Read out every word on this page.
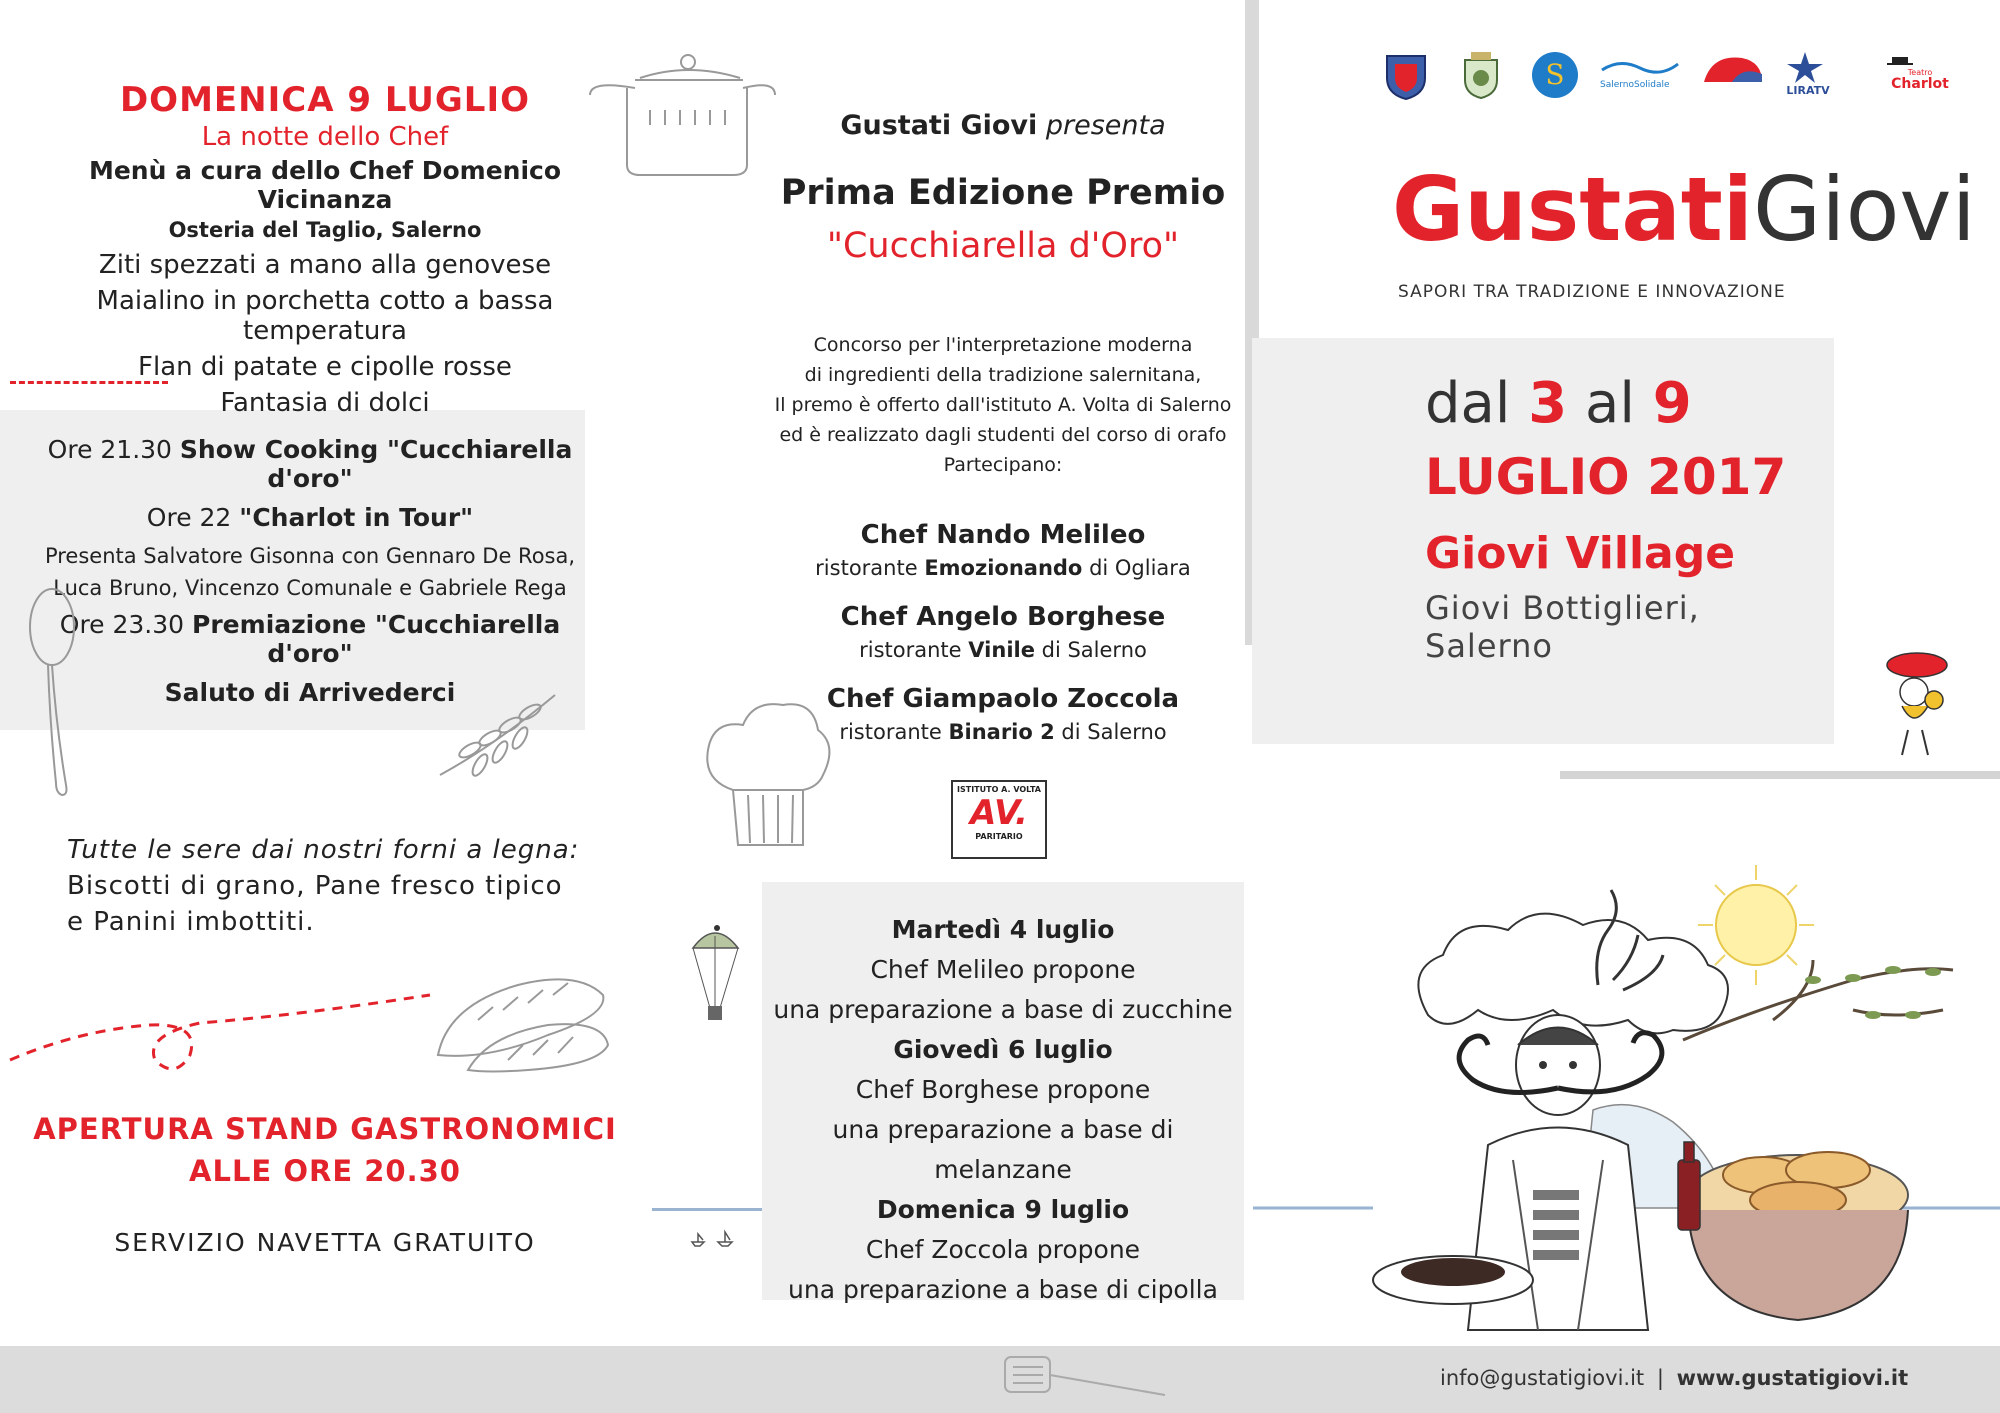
DOMENICA 9 LUGLIO
La notte dello Chef
Menù a cura dello Chef Domenico Vicinanza
Osteria del Taglio, Salerno
Ziti spezzati a mano alla genovese
Maialino in porchetta cotto a bassa temperatura
Flan di patate e cipolle rosse
Fantasia di dolci
Ore 21.30 Show Cooking "Cucchiarella d'oro"
Ore 22 "Charlot in Tour"
Presenta Salvatore Gisonna con Gennaro De Rosa,
Luca Bruno, Vincenzo Comunale e Gabriele Rega
Ore 23.30 Premiazione "Cucchiarella d'oro"
Saluto di Arrivederci
Tutte le sere dai nostri forni a legna:
Biscotti di grano, Pane fresco tipico
e Panini imbottiti.
APERTURA STAND GASTRONOMICI
ALLE ORE 20.30
SERVIZIO NAVETTA GRATUITO
Gustati Giovi presenta
Prima Edizione Premio
"Cucchiarella d'Oro"
Concorso per l'interpretazione moderna
di ingredienti della tradizione salernitana,
Il premo è offerto dall'istituto A. Volta di Salerno
ed è realizzato dagli studenti del corso di orafo
Partecipano:
Chef Nando Melileo
ristorante Emozionando di Ogliara
Chef Angelo Borghese
ristorante Vinile di Salerno
Chef Giampaolo Zoccola
ristorante Binario 2 di Salerno
ISTITUTO A. VOLTA
AV.
PARITARIO
Martedì 4 luglio
Chef Melileo propone
una preparazione a base di zucchine
Giovedì 6 luglio
Chef Borghese propone
una preparazione a base di melanzane
Domenica 9 luglio
Chef Zoccola propone
una preparazione a base di cipolla
S	SalernoSolidale	LIRATV
Teatro
Charlot
GustatiGiovi
SAPORI TRA TRADIZIONE E INNOVAZIONE
dal 3 al 9
LUGLIO 2017
Giovi Village
Giovi Bottiglieri, Salerno
info@gustatigiovi.it | www.gustatigiovi.it
